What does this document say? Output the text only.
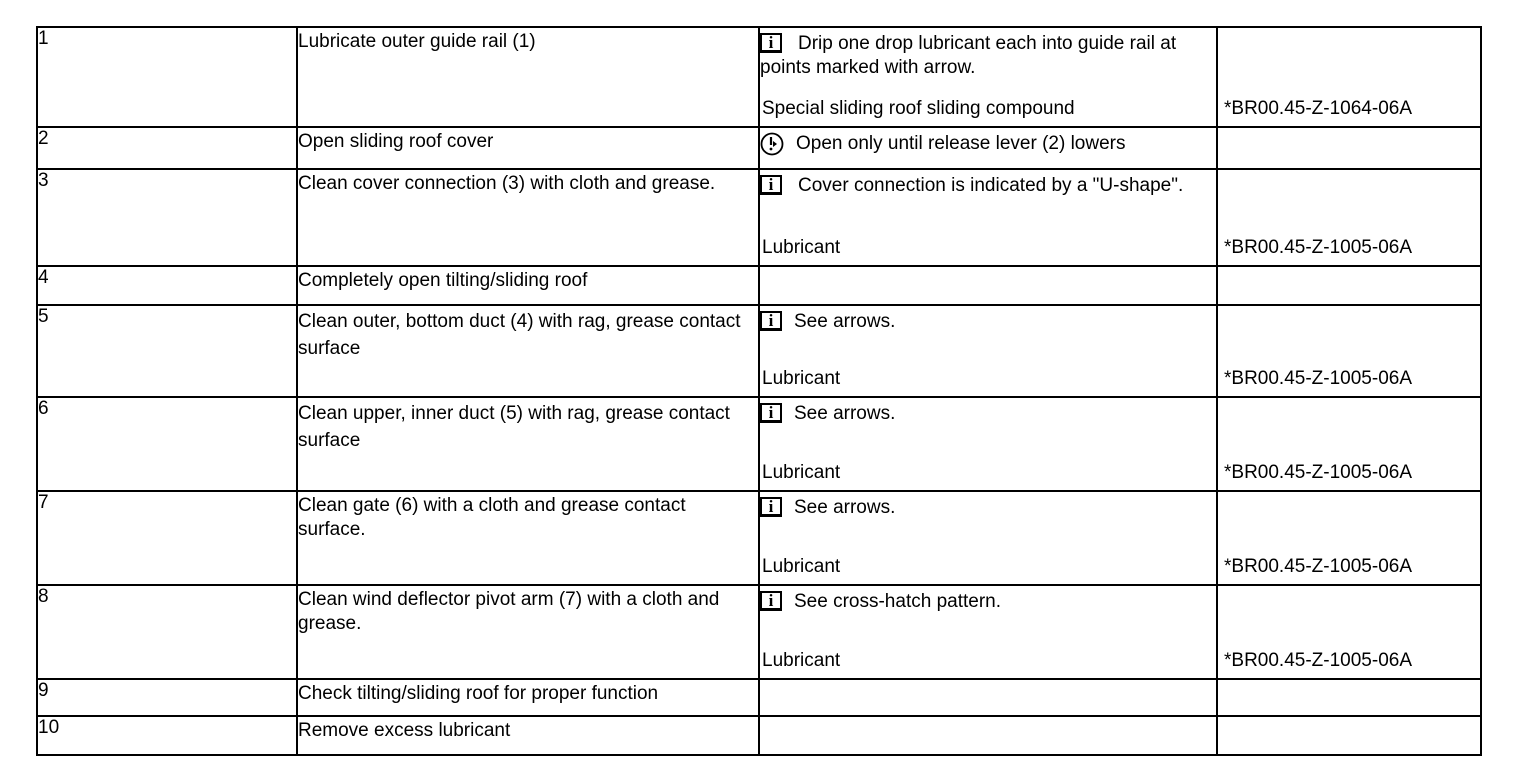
1	Lubricate outer guide rail (1)	i Drip one drop lubricant each into guide rail at points marked with arrow.
Special sliding roof sliding compound	*BR00.45-Z-1064-06A

2	Open sliding roof cover	Open only until release lever (2) lowers	

3	Clean cover connection (3) with cloth and grease.	i Cover connection is indicated by a "U-shape".
Lubricant	*BR00.45-Z-1005-06A

4	Completely open tilting/sliding roof		

5	Clean outer, bottom duct (4) with rag, grease contact surface	i See arrows.
Lubricant	*BR00.45-Z-1005-06A

6	Clean upper, inner duct (5) with rag, grease contact surface	i See arrows.
Lubricant	*BR00.45-Z-1005-06A

7	Clean gate (6) with a cloth and grease contact surface.	i See arrows.
Lubricant	*BR00.45-Z-1005-06A

8	Clean wind deflector pivot arm (7) with a cloth and grease.	i See cross-hatch pattern.
Lubricant	*BR00.45-Z-1005-06A

9	Check tilting/sliding roof for proper function		

10	Remove excess lubricant		
